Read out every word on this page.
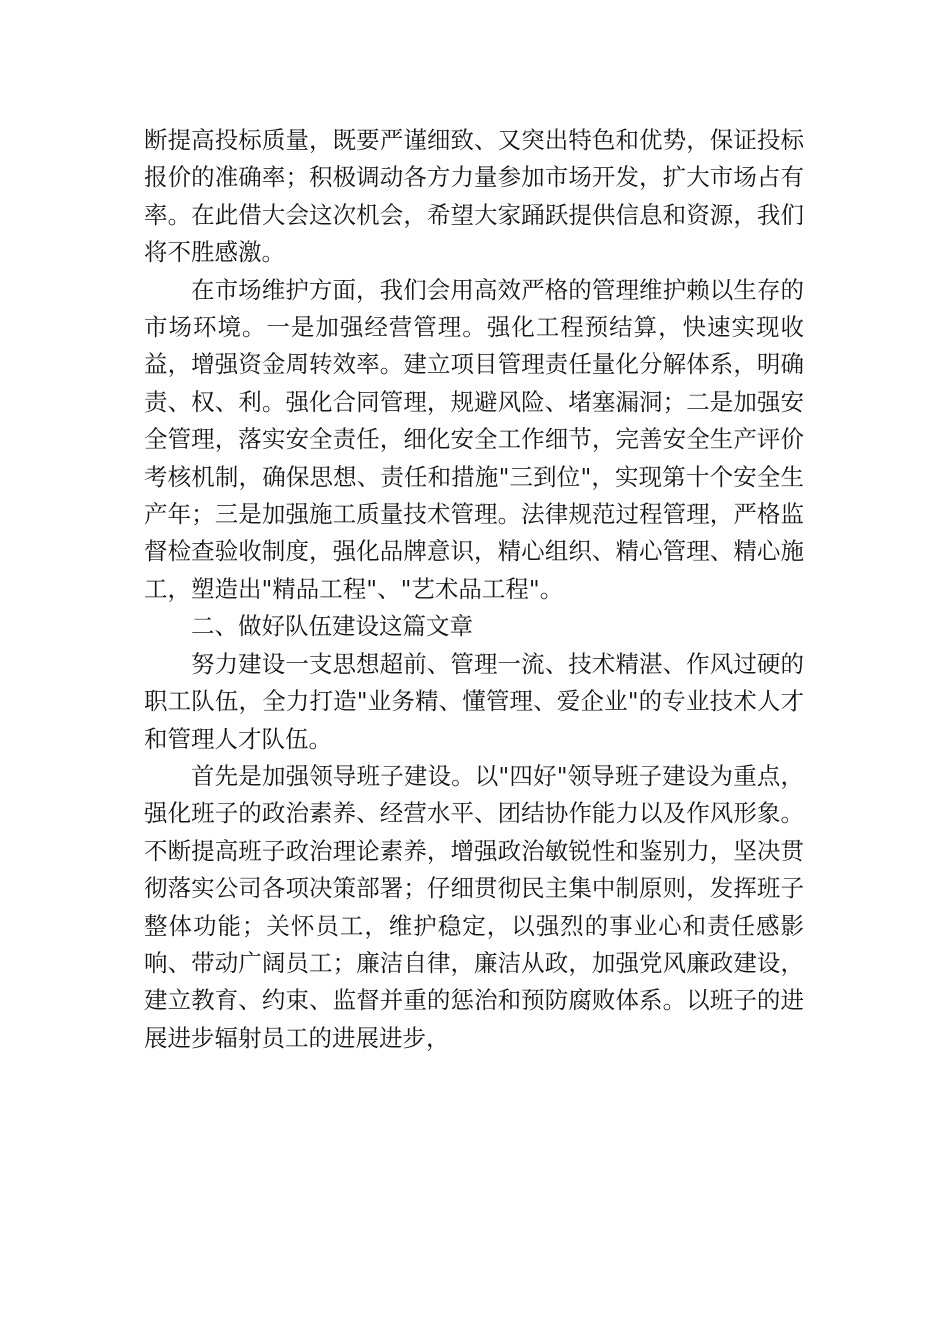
断提高投标质量，既要严谨细致、又突出特色和优势，保证投标报价的准确率；积极调动各方力量参加市场开发，扩大市场占有率。在此借大会这次机会，希望大家踊跃提供信息和资源，我们将不胜感激。

在市场维护方面，我们会用高效严格的管理维护赖以生存的市场环境。一是加强经营管理。强化工程预结算，快速实现收益，增强资金周转效率。建立项目管理责任量化分解体系，明确责、权、利。强化合同管理，规避风险、堵塞漏洞；二是加强安全管理，落实安全责任，细化安全工作细节，完善安全生产评价考核机制，确保思想、责任和措施"三到位"，实现第十个安全生产年；三是加强施工质量技术管理。法律规范过程管理，严格监督检查验收制度，强化品牌意识，精心组织、精心管理、精心施工，塑造出"精品工程"、"艺术品工程"。

二、做好队伍建设这篇文章

努力建设一支思想超前、管理一流、技术精湛、作风过硬的职工队伍，全力打造"业务精、懂管理、爱企业"的专业技术人才和管理人才队伍。

首先是加强领导班子建设。以"四好"领导班子建设为重点，强化班子的政治素养、经营水平、团结协作能力以及作风形象。不断提高班子政治理论素养，增强政治敏锐性和鉴别力，坚决贯彻落实公司各项决策部署；仔细贯彻民主集中制原则，发挥班子整体功能；关怀员工，维护稳定，以强烈的事业心和责任感影响、带动广阔员工；廉洁自律，廉洁从政，加强党风廉政建设，建立教育、约束、监督并重的惩治和预防腐败体系。以班子的进展进步辐射员工的进展进步，
